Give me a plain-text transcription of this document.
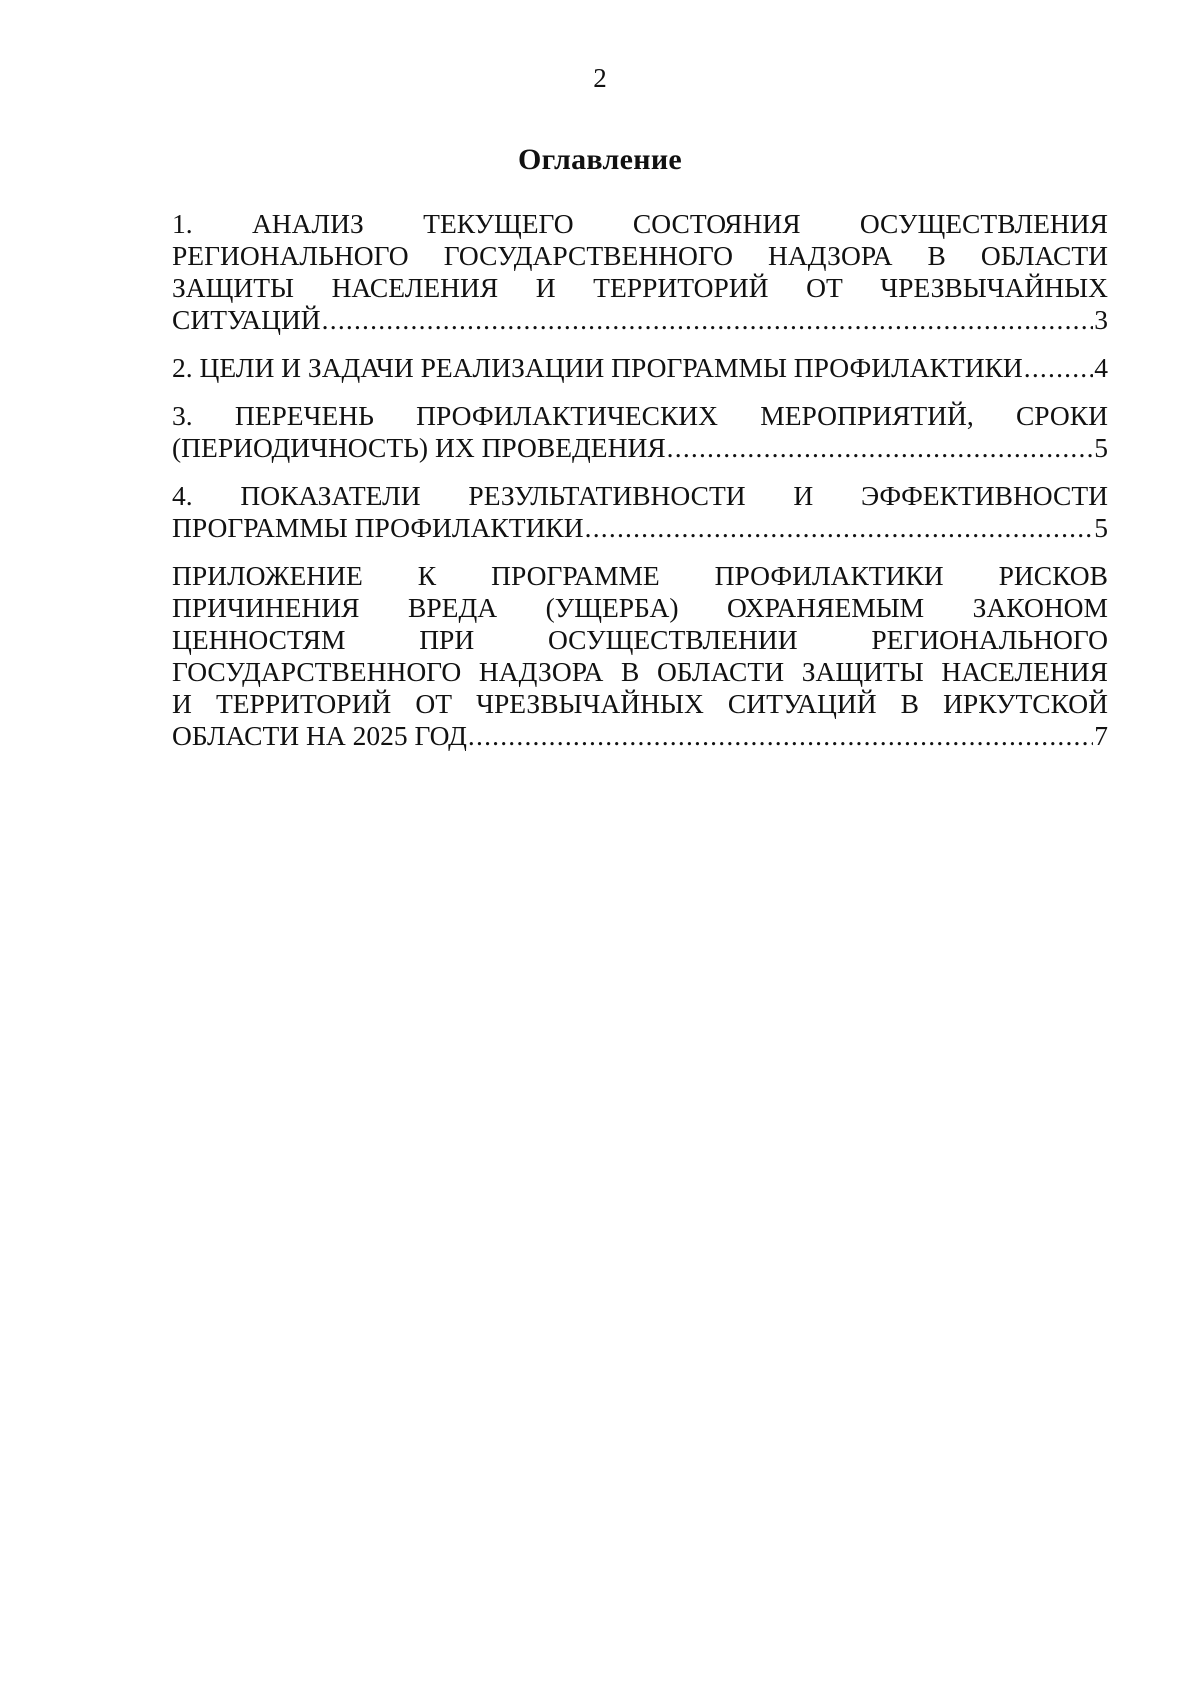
2
Оглавление
1. АНАЛИЗ ТЕКУЩЕГО СОСТОЯНИЯ ОСУЩЕСТВЛЕНИЯ
РЕГИОНАЛЬНОГО ГОСУДАРСТВЕННОГО НАДЗОРА В ОБЛАСТИ
ЗАЩИТЫ НАСЕЛЕНИЯ И ТЕРРИТОРИЙ ОТ ЧРЕЗВЫЧАЙНЫХ
СИТУАЦИЙ .....	3
2. ЦЕЛИ И ЗАДАЧИ РЕАЛИЗАЦИИ ПРОГРАММЫ ПРОФИЛАКТИКИ .....	4
3. ПЕРЕЧЕНЬ ПРОФИЛАКТИЧЕСКИХ МЕРОПРИЯТИЙ, СРОКИ
(ПЕРИОДИЧНОСТЬ) ИХ ПРОВЕДЕНИЯ .....	5
4. ПОКАЗАТЕЛИ РЕЗУЛЬТАТИВНОСТИ И ЭФФЕКТИВНОСТИ
ПРОГРАММЫ ПРОФИЛАКТИКИ .....	5
ПРИЛОЖЕНИЕ К ПРОГРАММЕ ПРОФИЛАКТИКИ РИСКОВ
ПРИЧИНЕНИЯ ВРЕДА (УЩЕРБА) ОХРАНЯЕМЫМ ЗАКОНОМ
ЦЕННОСТЯМ ПРИ ОСУЩЕСТВЛЕНИИ РЕГИОНАЛЬНОГО
ГОСУДАРСТВЕННОГО НАДЗОРА В ОБЛАСТИ ЗАЩИТЫ НАСЕЛЕНИЯ
И ТЕРРИТОРИЙ ОТ ЧРЕЗВЫЧАЙНЫХ СИТУАЦИЙ В ИРКУТСКОЙ
ОБЛАСТИ НА 2025 ГОД .....	7
